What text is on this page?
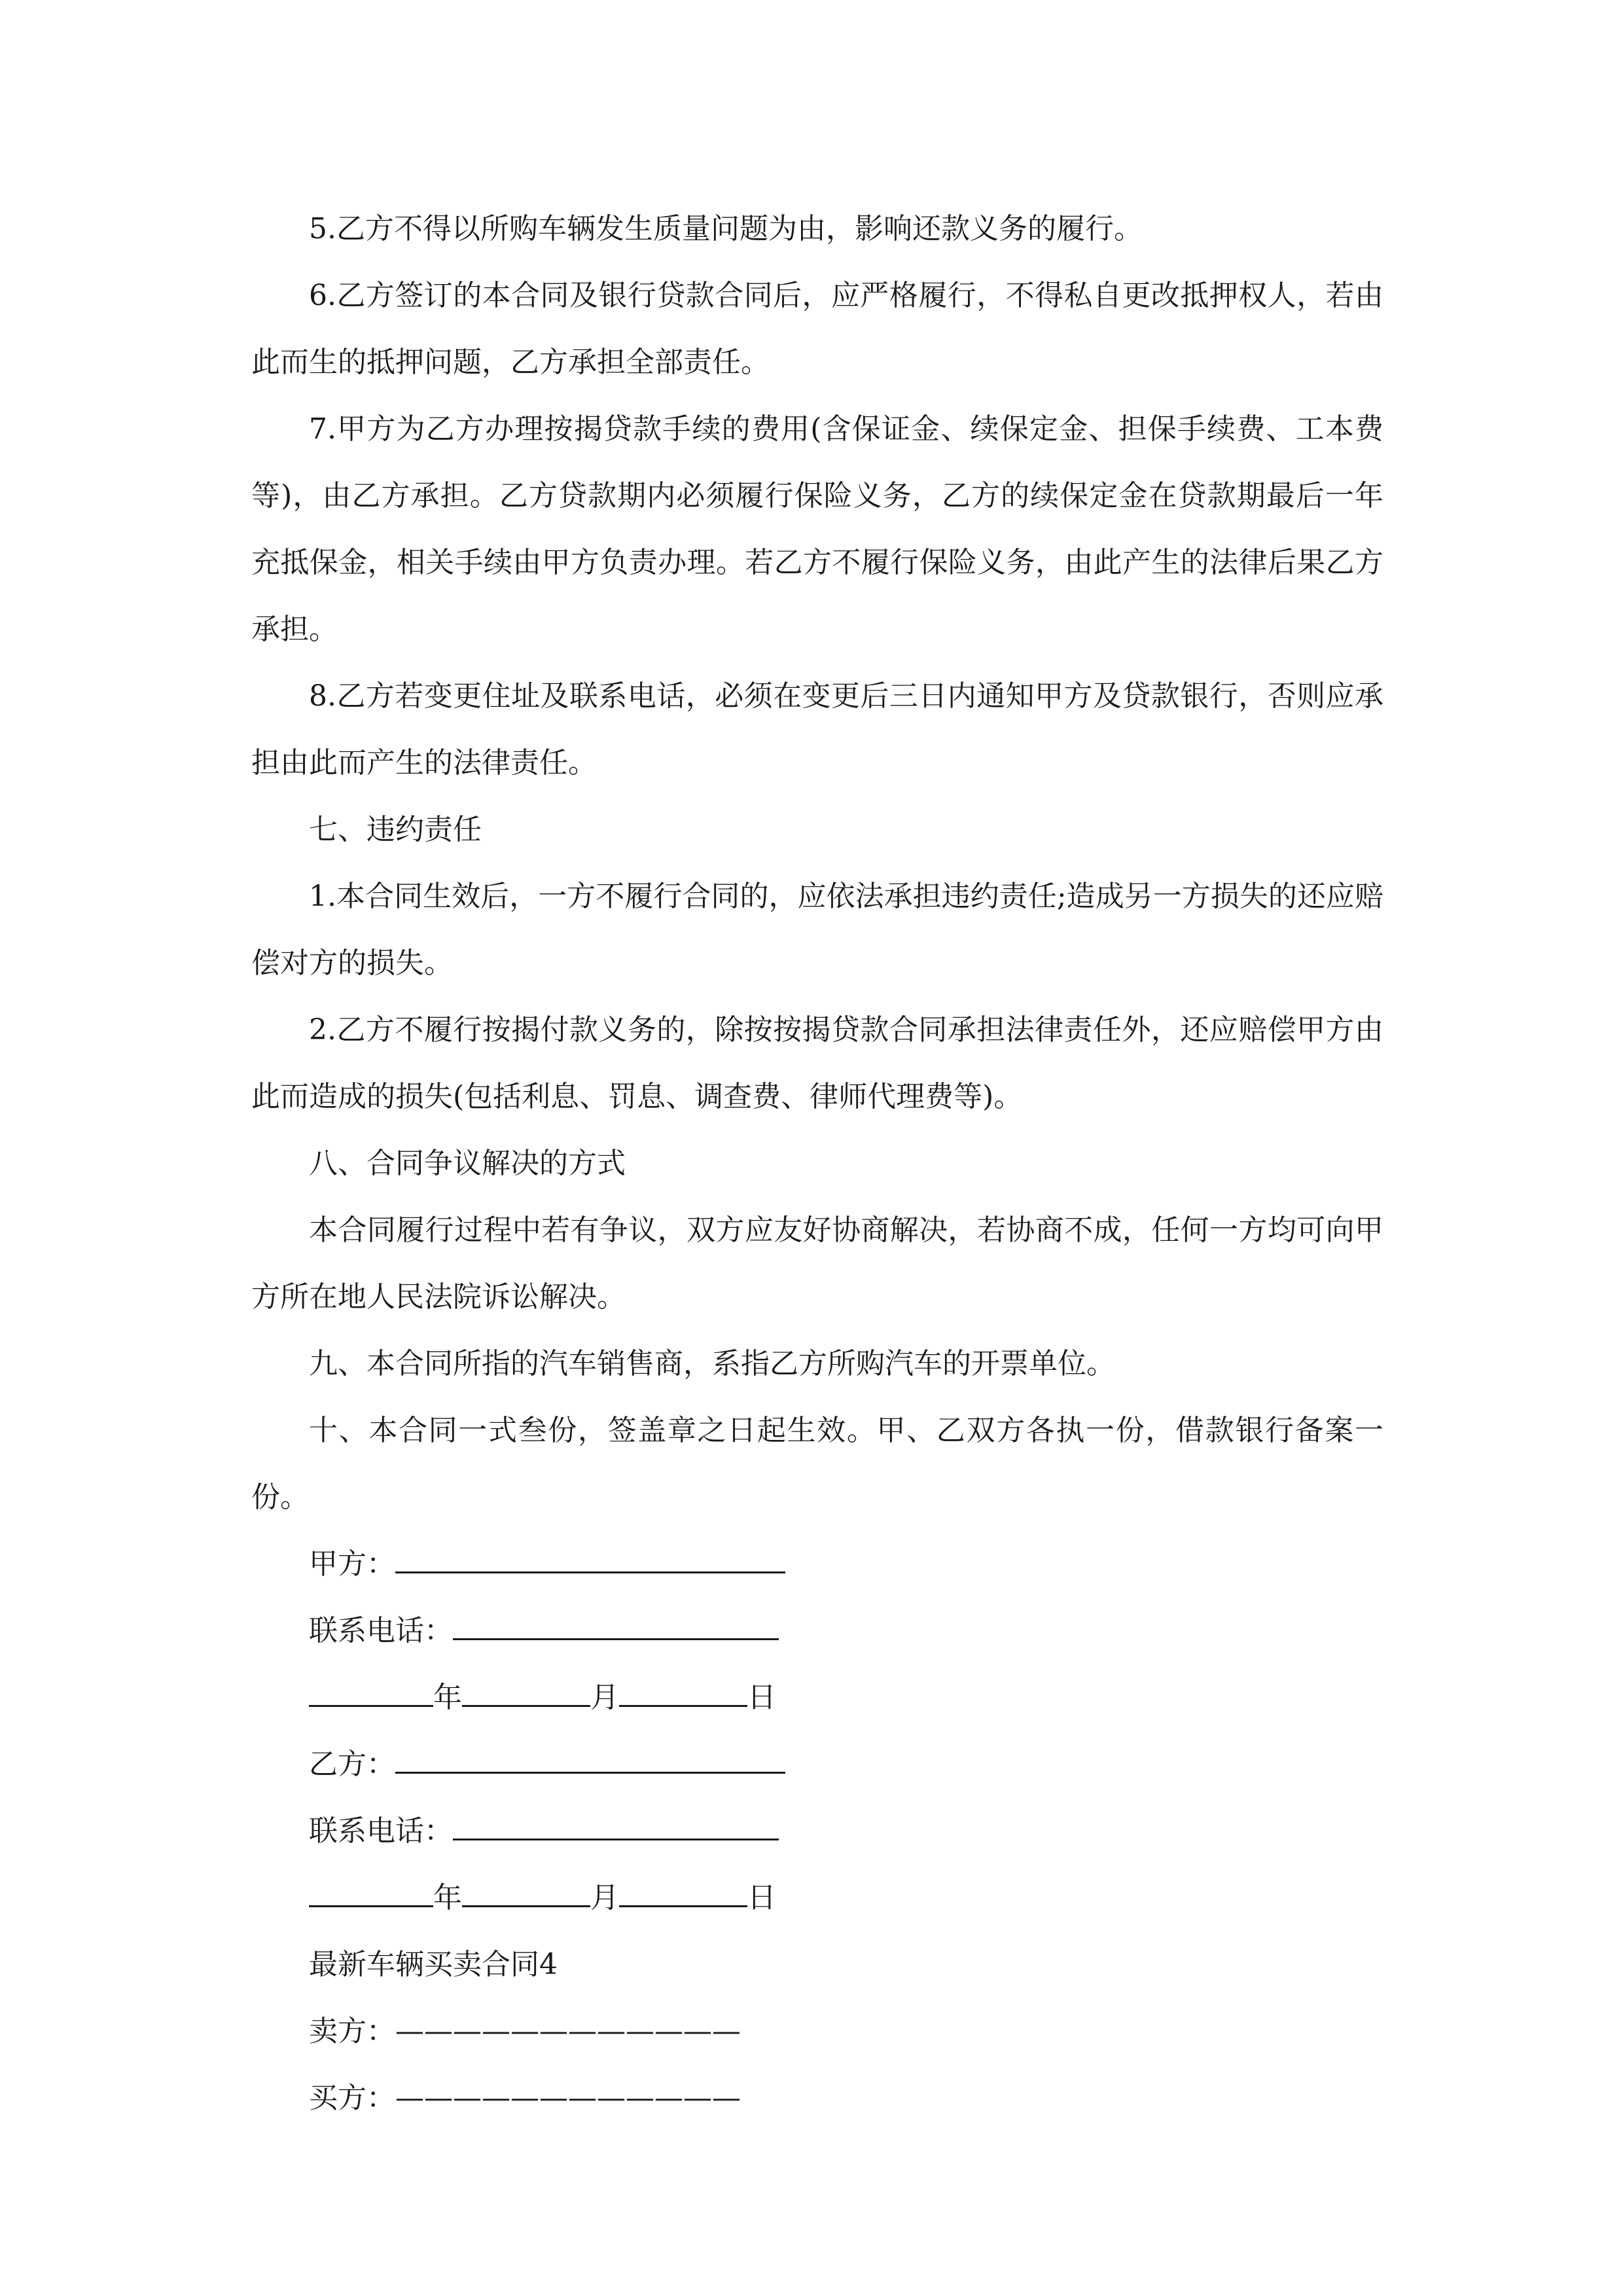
5.乙方不得以所购车辆发生质量问题为由，影响还款义务的履行。

6.乙方签订的本合同及银行贷款合同后，应严格履行，不得私自更改抵押权人，若由此而生的抵押问题，乙方承担全部责任。

7.甲方为乙方办理按揭贷款手续的费用(含保证金、续保定金、担保手续费、工本费等)，由乙方承担。乙方贷款期内必须履行保险义务，乙方的续保定金在贷款期最后一年充抵保金，相关手续由甲方负责办理。若乙方不履行保险义务，由此产生的法律后果乙方承担。

8.乙方若变更住址及联系电话，必须在变更后三日内通知甲方及贷款银行，否则应承担由此而产生的法律责任。

七、违约责任

1.本合同生效后，一方不履行合同的，应依法承担违约责任;造成另一方损失的还应赔偿对方的损失。

2.乙方不履行按揭付款义务的，除按按揭贷款合同承担法律责任外，还应赔偿甲方由此而造成的损失(包括利息、罚息、调查费、律师代理费等)。

八、合同争议解决的方式

本合同履行过程中若有争议，双方应友好协商解决，若协商不成，任何一方均可向甲方所在地人民法院诉讼解决。

九、本合同所指的汽车销售商，系指乙方所购汽车的开票单位。

十、本合同一式叁份，签盖章之日起生效。甲、乙双方各执一份，借款银行备案一份。

甲方：

联系电话：

年	月	日

乙方：

联系电话：

年	月	日

最新车辆买卖合同4

卖方：————————————

买方：————————————
